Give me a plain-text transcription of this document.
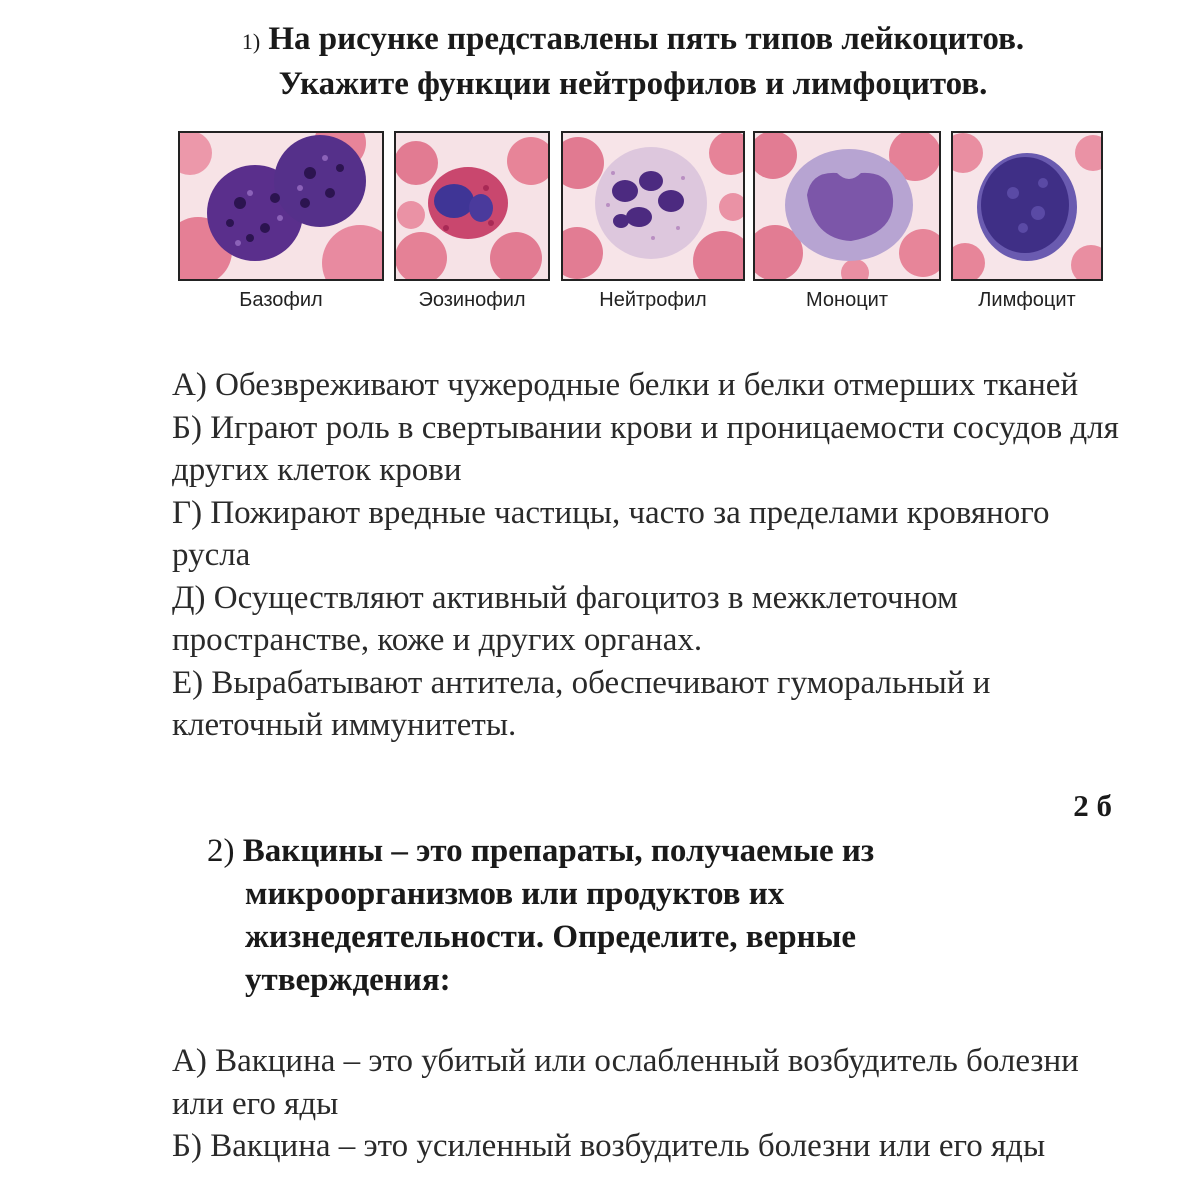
1) На рисунке представлены пять типов лейкоцитов.
Укажите функции нейтрофилов и лимфоцитов.
Базофил	Эозинофил	Нейтрофил	Моноцит	Лимфоцит

А) Обезвреживают чужеродные белки и белки отмерших тканей

Б) Играют роль в свертывании крови и проницаемости сосудов для других клеток крови

Г) Пожирают вредные частицы, часто за пределами кровяного русла

Д) Осуществляют активный фагоцитоз в межклеточном пространстве, коже и других органах.

Е) Вырабатывают антитела, обеспечивают гуморальный и клеточный иммунитеты.

2 б
2) Вакцины – это препараты, получаемые из микроорганизмов или продуктов их жизнедеятельности. Определите, верные утверждения:

А) Вакцина – это убитый или ослабленный возбудитель болезни или его яды

Б) Вакцина – это усиленный возбудитель болезни или его яды
